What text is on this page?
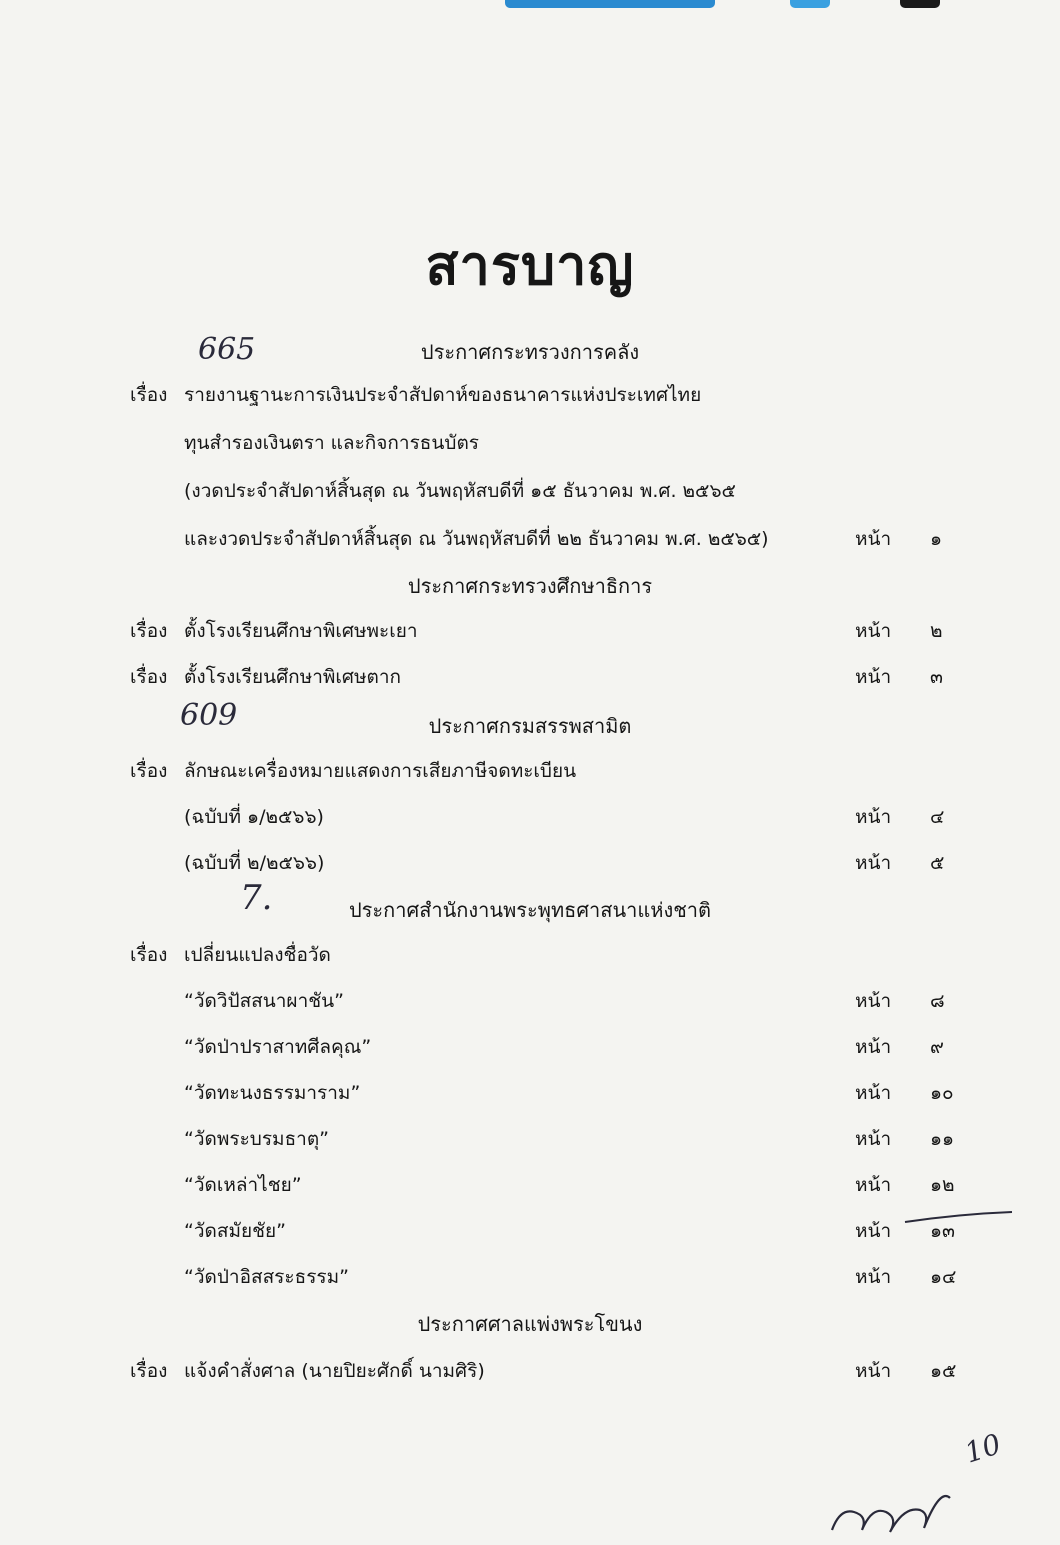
สารบาญ
ประกาศกระทรวงการคลัง
เรื่อง รายงานฐานะการเงินประจำสัปดาห์ของธนาคารแห่งประเทศไทย
ทุนสำรองเงินตรา และกิจการธนบัตร
(งวดประจำสัปดาห์สิ้นสุด ณ วันพฤหัสบดีที่ ๑๕ ธันวาคม พ.ศ. ๒๕๖๕
และงวดประจำสัปดาห์สิ้นสุด ณ วันพฤหัสบดีที่ ๒๒ ธันวาคม พ.ศ. ๒๕๖๕)	หน้า ๑
ประกาศกระทรวงศึกษาธิการ
เรื่อง ตั้งโรงเรียนศึกษาพิเศษพะเยา	หน้า ๒
เรื่อง ตั้งโรงเรียนศึกษาพิเศษตาก	หน้า ๓
ประกาศกรมสรรพสามิต
เรื่อง ลักษณะเครื่องหมายแสดงการเสียภาษีจดทะเบียน
(ฉบับที่ ๑/๒๕๖๖)	หน้า ๔
(ฉบับที่ ๒/๒๕๖๖)	หน้า ๕
ประกาศสำนักงานพระพุทธศาสนาแห่งชาติ
เรื่อง เปลี่ยนแปลงชื่อวัด
“วัดวิปัสสนาผาชัน”	หน้า ๘
“วัดป่าปราสาทศีลคุณ”	หน้า ๙
“วัดทะนงธรรมาราม”	หน้า ๑๐
“วัดพระบรมธาตุ”	หน้า ๑๑
“วัดเหล่าไชย”	หน้า ๑๒
“วัดสมัยชัย”	หน้า ๑๓
“วัดป่าอิสสระธรรม”	หน้า ๑๔
ประกาศศาลแพ่งพระโขนง
เรื่อง แจ้งคำสั่งศาล (นายปิยะศักดิ์ นามศิริ)	หน้า ๑๕
665
609
7.
10
